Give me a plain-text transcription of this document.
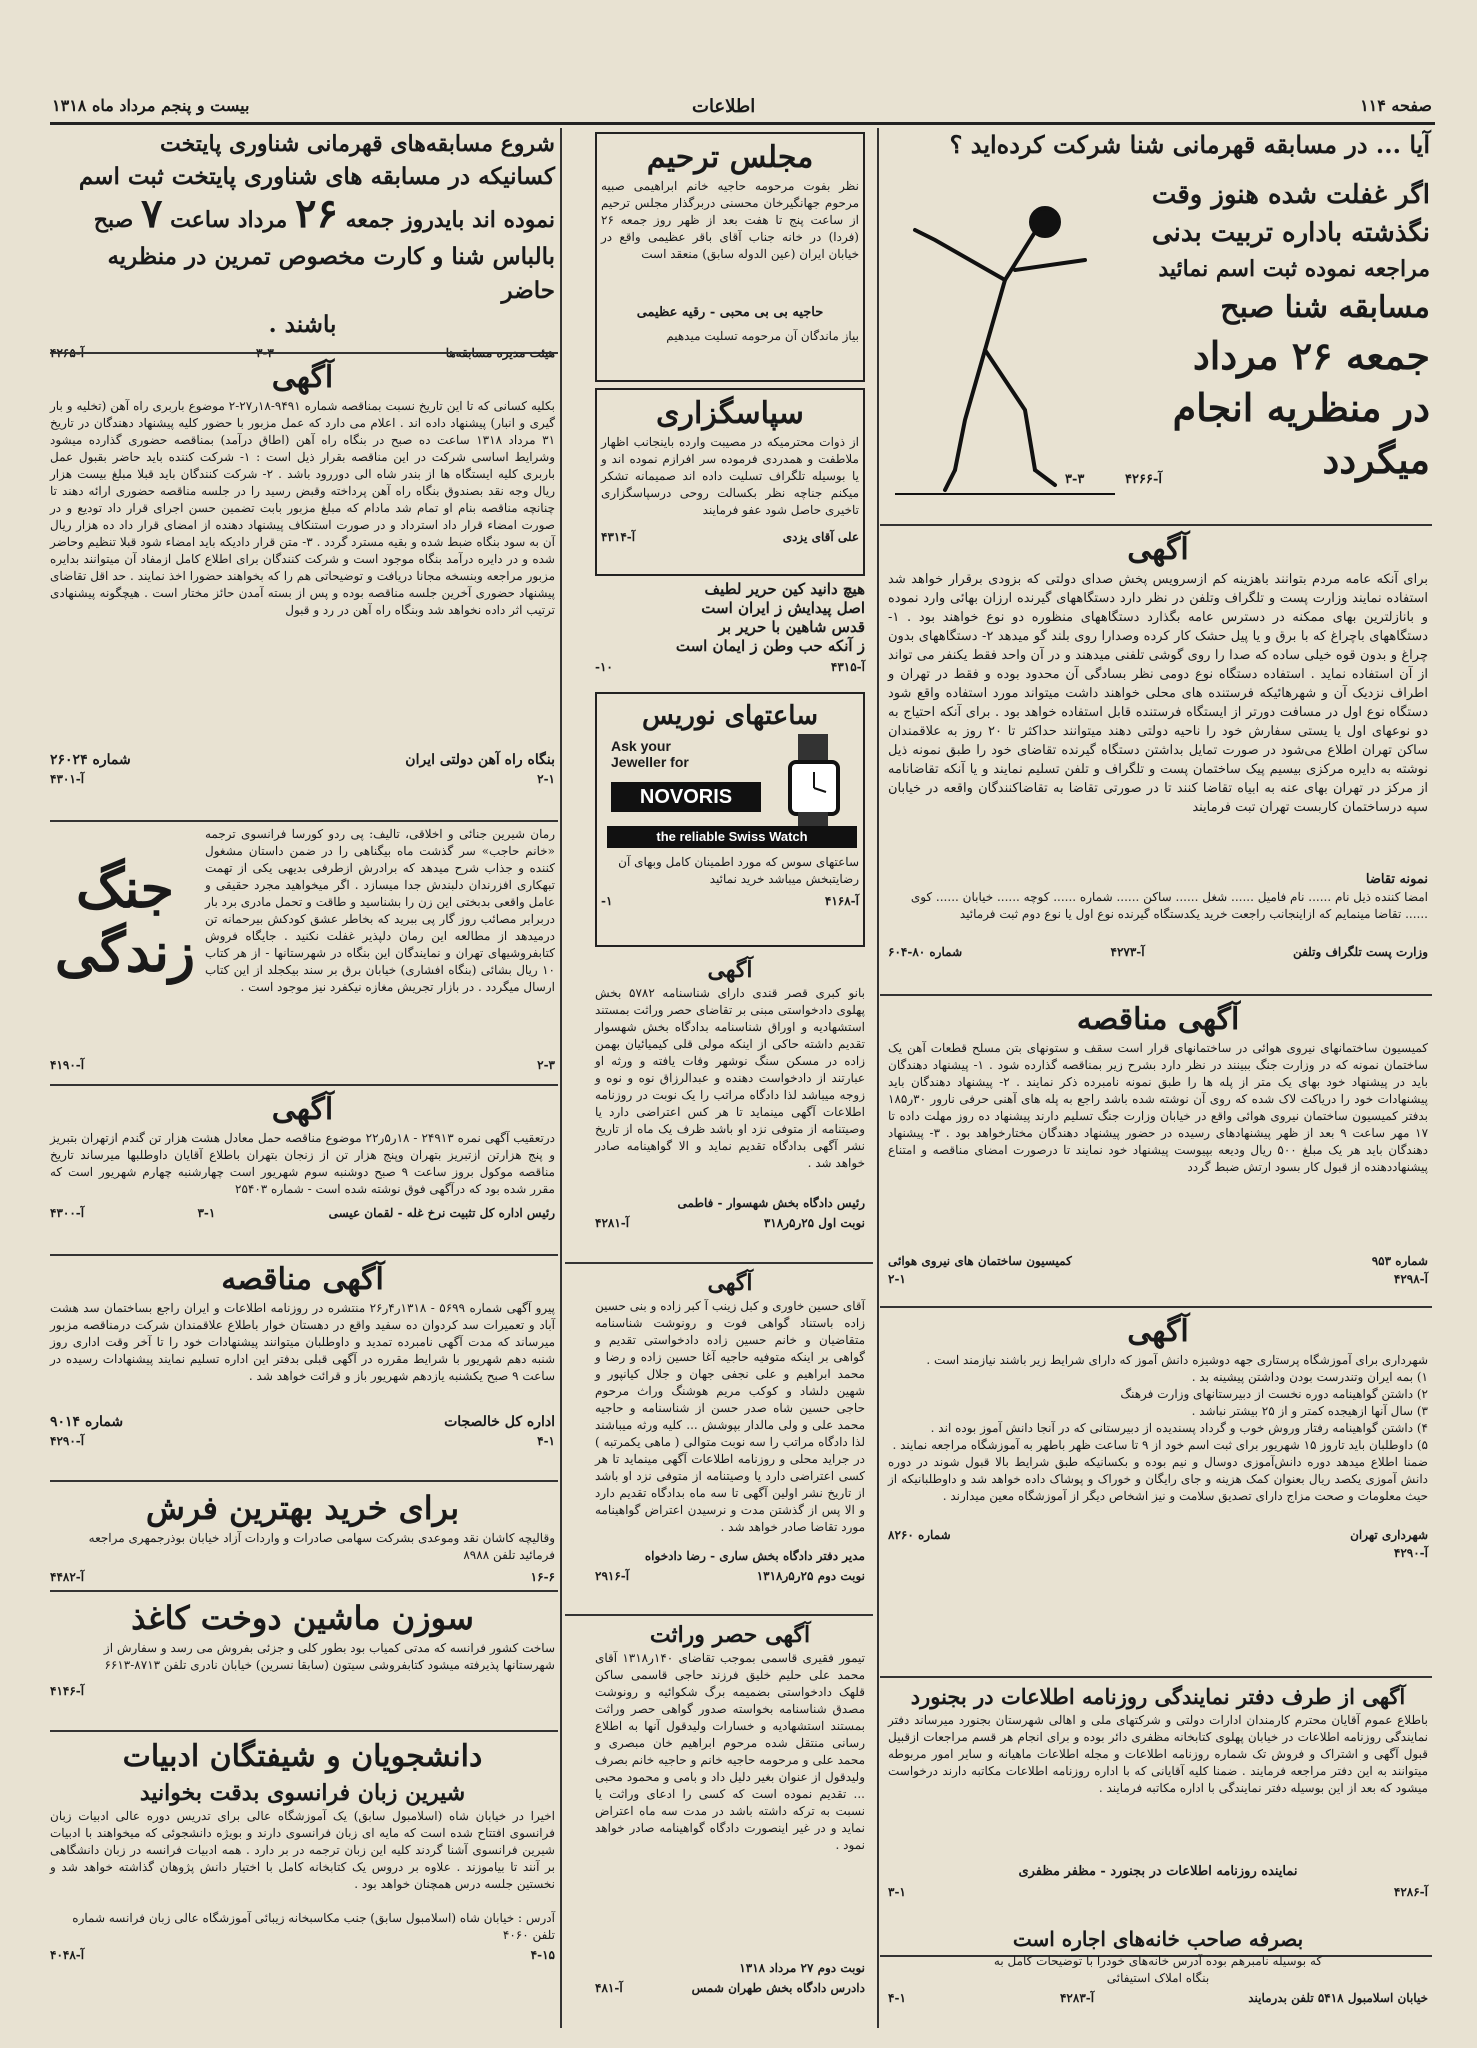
صفحه ۱۱۴
اطلاعات
بیست و پنجم مرداد ماه ۱۳۱۸
آیا ... در مسابقه قهرمانی شنا شرکت کرده‌اید ؟
اگر غفلت شده هنوز وقت
نگذشته باداره تربیت بدنی
مراجعه نموده ثبت اسم نمائید
مسابقه شنا صبح
جمعه ۲۶ مرداد
در منظریه انجام
میگردد
آ-۴۲۶۶
۳-۳
آگهی
برای آنکه عامه مردم بتوانند باهزینه کم ازسرویس پخش صدای دولتی که بزودی برقرار خواهد شد استفاده نمایند وزارت پست و تلگراف وتلفن در نظر دارد دستگاههای گیرنده ارزان بهائی وارد نموده و بانازلترین بهای ممکنه در دسترس عامه بگذارد دستگاههای منظوره دو نوع خواهند بود . ۱- دستگاههای باچراغ که با برق و یا پیل حشک کار کرده وصدارا روی بلند گو میدهد ۲- دستگاههای بدون چراغ و بدون قوه خیلی ساده که صدا را روی گوشی تلفنی میدهند و در آن واحد فقط یکنفر می تواند از آن استفاده نماید . استفاده دستگاه نوع دومی نظر بسادگی آن محدود بوده و فقط در تهران و اطراف نزدیک آن و شهرهائیکه فرستنده های محلی خواهند داشت میتواند مورد استفاده واقع شود دستگاه نوع اول در مسافت دورتر از ایستگاه فرستنده قابل استفاده خواهد بود . برای آنکه احتیاج به دو نوعهای اول یا یستی سفارش خود را ناحیه دولتی دهند میتوانند حداکثر تا ۲۰ روز به علاقمندان ساکن تهران اطلاع می‌شود در صورت تمایل بداشتن دستگاه گیرنده تقاضای خود را طبق نمونه ذیل نوشته به دایره مرکزی بیسیم پیک ساختمان پست و تلگراف و تلفن تسلیم نمایند و یا آنکه تقاضانامه از مرکز در تهران بهای عنه به ابیاه تقاضا کنند تا در صورتی تقاضا به تقاضاکنندگان واقعه در خیابان سپه درساختمان کاربست تهران تبت فرمایند
نمونه تقاضا
امضا کننده ذیل نام ...... نام فامیل ...... شغل ...... ساکن ...... شماره ...... کوچه ...... خیابان ...... کوی ...... تقاضا مینمایم که ازاینجانب راجعت خرید یکدستگاه گیرنده نوع اول یا نوع دوم ثبت فرمائید
وزارت پست تلگراف وتلفن
آ-۴۲۷۳
شماره ۸۰-۶۰۴
آگهی مناقصه
کمیسیون ساختمانهای نیروی هوائی در ساختمانهای قرار است سقف و ستونهای بتن مسلح قطعات آهن یک ساختمان نمونه که در وزارت جنگ ببینند در نظر دارد بشرح زیر بمناقصه گذارده شود . ۱- پیشنهاد دهندگان باید در پیشنهاد خود بهای یک متر از پله ها را طبق نمونه نامبرده ذکر نمایند . ۲- پیشنهاد دهندگان باید پیشنهادات خود را دریاکت لاک شده که روی آن نوشته شده باشد راجع به پله های آهنی حرفی نارور ۳۰ر۱۸۵ بدفتر کمیسیون ساختمان نیروی هوائی واقع در خیابان وزارت جنگ تسلیم دارند پیشنهاد ده روز مهلت داده تا ۱۷ مهر ساعت ۹ بعد از ظهر پیشنهادهای رسیده در حضور پیشنهاد دهندگان مختارخواهد بود . ۳- پیشنهاد دهندگان باید هر یک مبلغ ۵۰۰ ریال ودیعه بپیوست پیشنهاد خود نمایند تا درصورت امضای مناقصه و امتناع پیشنهاددهنده از قبول کار بسود ارتش ضبط گردد
شماره ۹۵۳
کمیسیون ساختمان های نیروی هوائی
آ-۴۲۹۸
۲-۱
آگهی
شهرداری برای آموزشگاه پرستاری جهه دوشیزه دانش آموز که دارای شرایط زیر باشند نیازمند است .
۱) بمه ایران وتندرست بودن وداشتن پیشینه بد .
۲) داشتن گواهینامه دوره نخست از دبیرستانهای وزارت فرهنگ
۳) سال آنها ازهیجده کمتر و از ۲۵ بیشتر نباشد .
۴) داشتن گواهینامه رفتار وروش خوب و گرداد پسندیده از دبیرستانی که در آنجا دانش آموز بوده اند .
۵) داوطلبان باید تاروز ۱۵ شهریور برای ثبت اسم خود از ۹ تا ساعت ظهر باطهر به آموزشگاه مراجعه نمایند .
ضمنا اطلاع میدهد دوره دانش‌آموزی دوسال و نیم بوده و بکسانیکه طبق شرایط بالا قبول شوند در دوره دانش آموزی یکصد ریال بعنوان کمک هزینه و جای رایگان و خوراک و پوشاک داده خواهد شد و داوطلبانیکه از حیث معلومات و صحت مزاج دارای تصدیق سلامت و نیز اشخاص دیگر از آموزشگاه معین میدارند .
شهرداری تهران
شماره ۸۲۶۰
آ-۴۲۹۰
آگهی از طرف دفتر نمایندگی روزنامه اطلاعات در بجنورد
باطلاع عموم آقایان محترم کارمندان ادارات دولتی و شرکتهای ملی و اهالی شهرستان بجنورد میرساند دفتر نمایندگی روزنامه اطلاعات در خیابان پهلوی کتابخانه مظفری دائر بوده و برای انجام هر قسم مراجعات ازقبیل قبول آگهی و اشتراک و فروش تک شماره روزنامه اطلاعات و مجله اطلاعات ماهیانه و سایر امور مربوطه میتوانند به این دفتر مراجعه فرمایند . ضمنا کلیه آقایانی که با اداره روزنامه اطلاعات مکاتبه دارند درخواست میشود که بعد از این بوسیله دفتر نمایندگی با اداره مکاتبه فرمایند .
نماینده روزنامه اطلاعات در بجنورد - مظفر مظفری
آ-۴۲۸۶
۳-۱
بصرفه صاحب خانه‌های اجاره است
که بوسیله نامبرهم بوده آدرس خانه‌های خودرا با توضیحات کامل به
بنگاه املاک استیفائی
خیابان اسلامبول ۵۴۱۸ تلفن بدرمایند
آ-۴۲۸۳
۴-۱
مجلس ترحیم
نظر بفوت مرحومه حاجیه خانم ابراهیمی صبیه مرحوم جهانگیرخان محسنی دربرگذار مجلس ترحیم از ساعت پنج تا هفت بعد از ظهر روز جمعه ۲۶ (فردا) در خانه جناب آقای باقر عظیمی واقع در خیابان ایران (عین الدوله سابق) منعقد است
حاجیه بی بی محبی - رقیه عظیمی
بیاز ماندگان آن مرحومه تسلیت میدهیم
سپاسگزاری
از ذوات محترمیکه در مصیبت وارده باینجانب اظهار ملاطفت و همدردی فرموده سر افرازم نموده اند و یا بوسیله تلگراف تسلیت داده اند صمیمانه تشکر میکنم جناچه نظر بکسالت روحی درسپاسگزاری تاخیری حاصل شود عفو فرمایند
علی آقای یزدی
آ-۴۳۱۴
هیچ دانید کین حریر لطیف
اصل پیدایش ز ایران است
قدس شاهین با حریر بر
ز آنکه حب وطن ز ایمان است
آ-۴۳۱۵
۱۰-
ساعتهای نوریس
Ask your
Jeweller for
NOVORIS
the reliable Swiss Watch
ساعتهای سوس که مورد اطمینان کامل وبهای آن رضایتبخش میباشد خرید نمائید
آ-۴۱۶۸
۱-
آگهی
بانو کبری قصر قندی دارای شناسنامه ۵۷۸۲ بخش پهلوی دادخواستی مبنی بر تقاضای حصر وراثت بمستند استشهادیه و اوراق شناسنامه بدادگاه بخش شهسوار تقدیم داشته حاکی از اینکه مولی قلی کیمیائیان بهمن زاده در مسکن سنگ نوشهر وفات یافته و ورثه او عبارتند از دادخواست دهنده و عبدالرزاق نوه و نوه و زوجه میباشد لذا دادگاه مراتب را یک نوبت در روزنامه اطلاعات آگهی مینماید تا هر کس اعتراضی دارد یا وصیتنامه از متوفی نزد او باشد ظرف یک ماه از تاریخ نشر آگهی بدادگاه تقدیم نماید و الا گواهینامه صادر خواهد شد .
رئیس دادگاه بخش شهسوار - فاطمی
نوبت اول ۲۵ر۵ر۳۱۸
آ-۴۲۸۱
آگهی
آقای حسین خاوری و کبل زینب آ کبر زاده و بنی حسین زاده باستناد گواهی فوت و رونوشت شناسنامه متقاضیان و خانم حسین زاده دادخواستی تقدیم و گواهی بر اینکه متوفیه حاجیه آغا حسین زاده و رضا و محمد ابراهیم و علی نجفی جهان و جلال کیانپور و شهین دلشاد و کوکب مریم هوشنگ وراث مرحوم حاجی حسین شاه صدر حسن از شناسنامه و حاجیه محمد علی و ولی مالدار بپوشش ... کلیه ورثه میباشند لذا دادگاه مراتب را سه نوبت متوالی ( ماهی یکمرتبه ) در جراید محلی و روزنامه اطلاعات آگهی مینماید تا هر کسی اعتراضی دارد یا وصیتنامه از متوفی نزد او باشد از تاریخ نشر اولین آگهی تا سه ماه بدادگاه تقدیم دارد و الا پس از گذشتن مدت و نرسیدن اعتراض گواهینامه مورد تقاضا صادر خواهد شد .
مدیر دفتر دادگاه بخش ساری - رضا دادخواه
نوبت دوم ۲۵ر۵ر۱۳۱۸
آ-۲۹۱۶
آگهی حصر وراثت
تیمور فقیری قاسمی بموجب تقاضای ۱۴۰ر۱۳۱۸ آقای محمد علی حلیم خلیق فرزند حاجی قاسمی ساکن قلهک دادخواستی بضمیمه برگ شکوائیه و رونوشت مصدق شناسنامه بخواسته صدور گواهی حصر وراثت بمستند استشهادیه و خسارات ولیدقول آنها به اطلاع رسانی منتقل شده مرحوم ابراهیم خان مبصری و محمد علی و مرحومه حاجیه خانم و حاجیه خانم بصرف ولیدقول از عنوان بغیر دلیل داد و بامی و محمود محبی ... تقدیم نموده است که کسی را ادعای وراثت یا نسبت به ترکه داشته باشد در مدت سه ماه اعتراض نماید و در غیر اینصورت دادگاه گواهینامه صادر خواهد نمود .
نوبت دوم ۲۷ مرداد ۱۳۱۸
دادرس دادگاه بخش طهران شمس
آ-۴۸۱
شروع مسابقه‌های قهرمانی شناوری پایتخت
کسانیکه در مسابقه های شناوری پایتخت ثبت اسم
نموده اند بایدروز جمعه ۲۶ مرداد ساعت ۷ صبح
بالباس شنا و کارت مخصوص تمرین در منظریه حاضر
باشند .
آگهی
بکلیه کسانی که تا این تاریخ نسبت بمناقصه شماره ۹۴۹۱-۱۸ر۲۷-۲ موضوع باربری راه آهن (تخلیه و بار گیری و انبار) پیشنهاد داده اند . اعلام می دارد که عمل مزبور با حضور کلیه پیشنهاد دهندگان در تاریخ ۳۱ مرداد ۱۳۱۸ ساعت ده صبح در بنگاه راه آهن (اطاق درآمد) بمناقصه حضوری گذارده میشود وشرایط اساسی شرکت در این مناقصه بقرار ذیل است : ۱- شرکت کننده باید حاضر بقبول عمل باربری کلیه ایستگاه ها از بندر شاه الی دوررود باشد . ۲- شرکت کنندگان باید قبلا مبلغ بیست هزار ریال وجه نقد بصندوق بنگاه راه آهن پرداخته وقبض رسید را در جلسه مناقصه حضوری ارائه دهند تا چنانچه مناقصه بنام او تمام شد مادام که مبلغ مزبور بابت تضمین حسن اجرای قرار داد تودیع و در صورت امضاء قرار داد استرداد و در صورت استنکاف پیشنهاد دهنده از امضای قرار داد ده هزار ریال آن به سود بنگاه ضبط شده و بقیه مسترد گردد . ۳- متن قرار دادیکه باید امضاء شود قبلا تنظیم وحاضر شده و در دایره درآمد بنگاه موجود است و شرکت کنندگان برای اطلاع کامل ازمفاد آن میتوانند بدایره مزبور مراجعه وبنسخه مجانا دریافت و توضیحاتی هم را که بخواهند حضورا اخذ نمایند . حد اقل تقاضای پیشنهاد حضوری آخرین جلسه مناقصه بوده و پس از بسته آمدن حائز مختار است . هیچگونه پیشنهادی ترتیب اثر داده نخواهد شد وبنگاه راه آهن در رد و قبول
بنگاه راه آهن دولتی ایران
شماره ۲۶۰۲۴
۲-۱
آ-۴۳۰۱
جنگ زندگی
رمان شیرین جنائی و اخلاقی، تالیف: پی ردو کورسا فرانسوی ترجمه «خانم حاجب» سر گذشت ماه بیگناهی را در ضمن داستان مشغول کننده و جذاب شرح میدهد که برادرش ازطرفی بدیهی یکی از تهمت تبهکاری افزرندان دلبندش جدا میسازد . اگر میخواهید مجرد حقیقی و عامل واقعی بدبختی این زن را بشناسید و طاقت و تحمل مادری برد بار دربرابر مصائب روز گار پی ببرید که بخاطر عشق کودکش بیرحمانه تن درمیدهد از مطالعه این رمان دلپذیر غفلت نکنید . جایگاه فروش کتابفروشیهای تهران و نمایندگان این بنگاه در شهرستانها - از هر کتاب ۱۰ ریال بشائی (بنگاه افشاری) خیابان برق بر سند بیکجلد از این کتاب ارسال میگردد . در بازار تجریش مغازه نیکفرد نیز موجود است .
۲-۳
آ-۴۱۹۰
آگهی
درتعقیب آگهی نمره ۲۴۹۱۳ - ۱۸ر۵ر۲۲ موضوع مناقصه حمل معادل هشت هزار تن گندم ازتهران بتبریز و پنج هزارتن ازتبریز بتهران وپنج هزار تن از زنجان بتهران باطلاع آقایان داوطلبها میرساند تاریخ مناقصه موکول بروز ساعت ۹ صبح دوشنبه سوم شهریور است چهارشنبه چهارم شهریور است که مقرر شده بود که درآگهی فوق نوشته شده است - شماره ۲۵۴۰۳
رئیس اداره کل تثبیت نرخ غله - لقمان عیسی
۳-۱
آ-۴۳۰۰
آگهی مناقصه
پیرو آگهی شماره ۵۶۹۹ - ۱۳۱۸ر۴ر۲۶ منتشره در روزنامه اطلاعات و ایران راجع بساختمان سد هشت آباد و تعمیرات سد کردوان ده سفید واقع در دهستان خوار باطلاع علاقمندان شرکت درمناقصه مزبور میرساند که مدت آگهی نامبرده تمدید و داوطلبان میتوانند پیشنهادات خود را تا آخر وقت اداری روز شنبه دهم شهریور با شرایط مقرره در آگهی قبلی بدفتر این اداره تسلیم نمایند پیشنهادات رسیده در ساعت ۹ صبح یکشنبه یازدهم شهریور باز و قرائت خواهد شد .
اداره کل خالصجات
شماره ۹۰۱۴
۴-۱
آ-۴۲۹۰
برای خرید بهترین فرش
وقالیچه کاشان نقد وموعدی بشرکت سهامی صادرات و واردات آزاد خیابان بوذرجمهری مراجعه فرمائید تلفن ۸۹۸۸
۱۶-۶
آ-۴۴۸۲
سوزن ماشین دوخت کاغذ
ساخت کشور فرانسه که مدتی کمیاب بود بطور کلی و جزئی بفروش می رسد و سفارش از شهرستانها پذیرفته میشود کتابفروشی سیتون (سابقا نسرین) خیابان نادری تلفن ۸۷۱۳-۶۶۱۳
آ-۴۱۴۶
دانشجویان و شیفتگان ادبیات
شیرین زبان فرانسوی بدقت بخوانید
اخیرا در خیابان شاه (اسلامبول سابق) یک آموزشگاه عالی برای تدریس دوره عالی ادبیات زبان فرانسوی افتتاح شده است که مایه ای زبان فرانسوی دارند و بویژه دانشجوئی که میخواهند با ادبیات شیرین فرانسوی آشنا گردند کلیه این زبان ترجمه در بر دارد . همه ادبیات فرانسه در زبان دانشگاهی بر آنند تا بیاموزند . علاوه بر دروس یک کتابخانه کامل با اختیار دانش پژوهان گذاشته خواهد شد و نخستین جلسه درس همچنان خواهد بود .
آدرس : خیابان شاه (اسلامبول سابق) جنب مکاسبخانه زیبائی آموزشگاه عالی زبان فرانسه شماره تلفن ۴۰۶۰
۴-۱۵
آ-۴۰۴۸
